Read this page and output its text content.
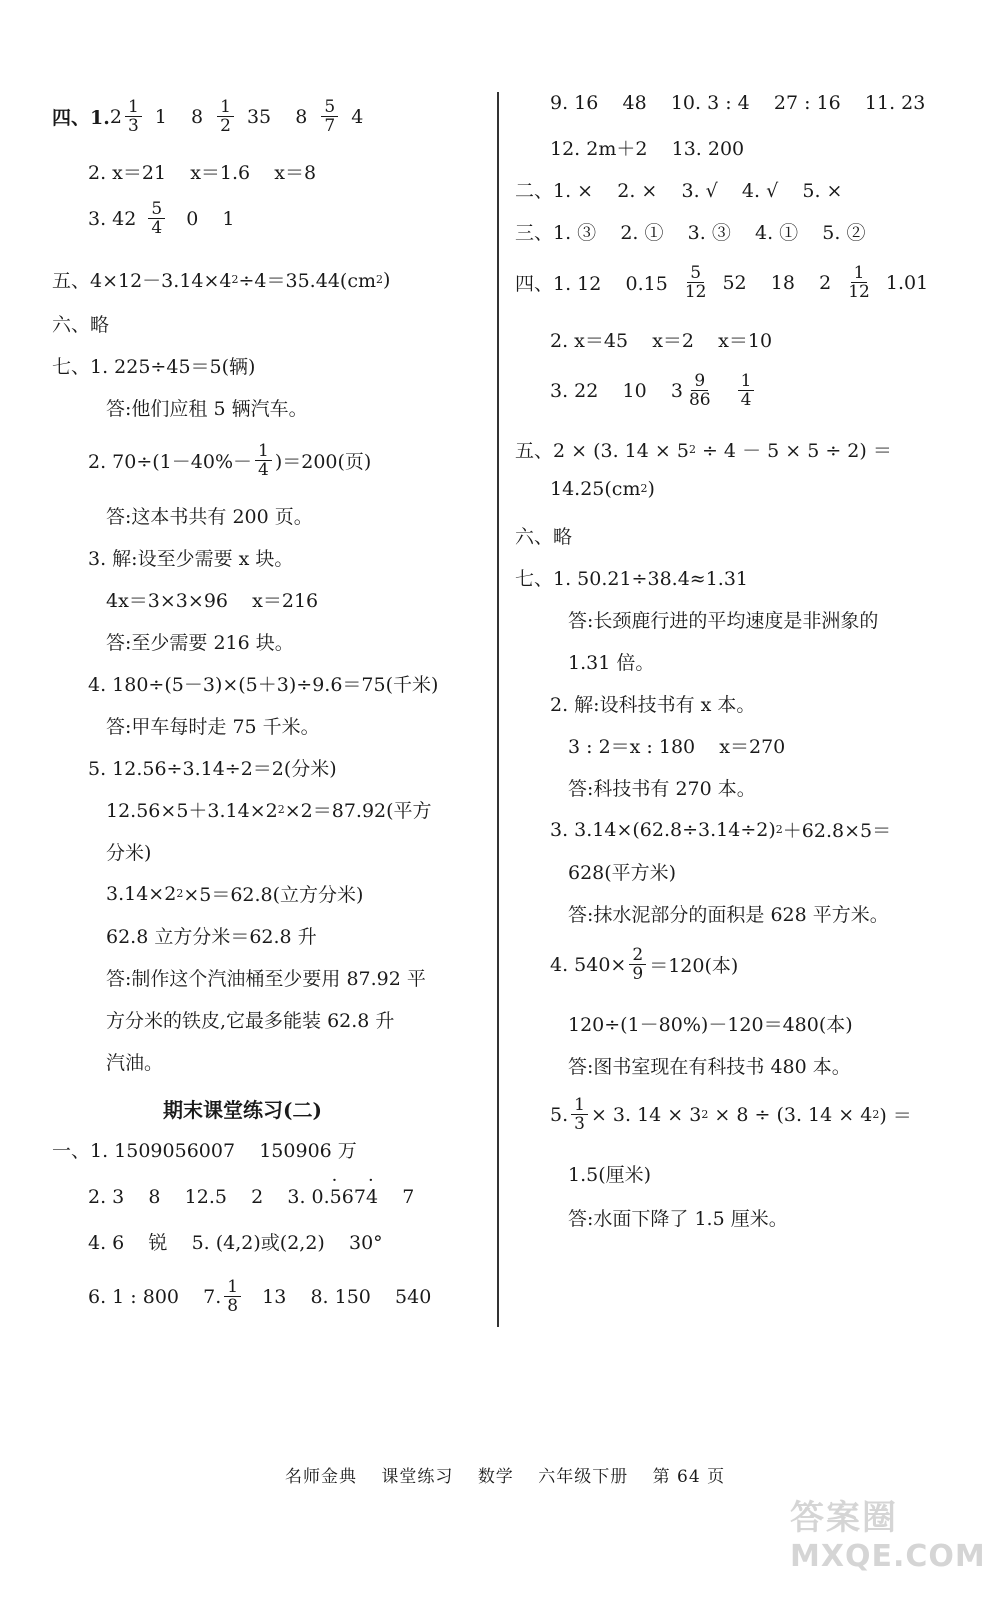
四、1. $2 \frac{1}{3} 1$    $8 \frac{1}{2} 35$    $8 \frac{5}{7} 4$
2. x＝21    x＝1.6    x＝8
3. $42 \frac{5}{4} 0$    1
五、4×12－3.14×4 2 ÷4＝35.44(cm 2 )
六、略
七、1. 225÷45＝5(辆)
答:他们应租 5 辆汽车。
2. $70\div(1-40\%- \frac{1}{4} )=200$(页)
答:这本书共有 200 页。
3. 解:设至少需要 x 块。
4x＝3×3×96    x＝216
答:至少需要 216 块。
4. 180÷(5－3)×(5＋3)÷9.6＝75(千米)
答:甲车每时走 75 千米。
5. 12.56÷3.14÷2＝2(分米)
12.56×5＋3.14×2 2 ×2＝87.92(平方
分米)
3.14×2 2 ×5＝62.8(立方分米)
62.8 立方分米＝62.8 升
答:制作这个汽油桶至少要用 87.92 平
方分米的铁皮,它最多能装 62.8 升
汽油。
期末课堂练习(二)
一、1. 1509056007    150906 万
2. 3    8    12.5    2    3. 0. · 5 67 · 4 7
4. 6    锐    5. (4,2)或(2,2)    30°
6. 1 : 800    7. $\frac{1}{8} 13$    8. 150    540
9. 16    48    10. 3 : 4    27 : 16    11. 23
12. 2m＋2    13. 200
二、1. ×    2. ×    3. √    4. √    5. ×
三、1. ③    2. ①    3. ③    4. ①    5. ②
四、1. 12    $0.15 \frac{5}{12} 52$    18    $2 \frac{1}{12} 1.01$
2. x＝45    x＝2    x＝10
3. 22    10    $3 \frac{9}{86} \frac{1}{4}$
五、2 × (3. 14 × 5 2 ÷ 4 － 5 × 5 ÷ 2) ＝
14.25(cm 2 )
六、略
七、1. 50.21÷38.4≈1.31
答:长颈鹿行进的平均速度是非洲象的
1.31 倍。
2. 解:设科技书有 x 本。
3 : 2＝x : 180    x＝270
答:科技书有 270 本。
3. 3.14×(62.8÷3.14÷2) 2 ＋62.8×5＝
628(平方米)
答:抹水泥部分的面积是 628 平方米。
4. $540\times \frac{2}{9} =120$(本)
120÷(1－80%)－120＝480(本)
答:图书室现在有科技书 480 本。
5. $\frac{1}{3} \times 3$. 14 × 3 2 × 8 ÷ (3. 14 × 4 2 ) ＝
1.5(厘米)
答:水面下降了 1.5 厘米。
名师金典 课堂练习 数学 六年级下册 第 64 页
答案圈
MXQE.COM
